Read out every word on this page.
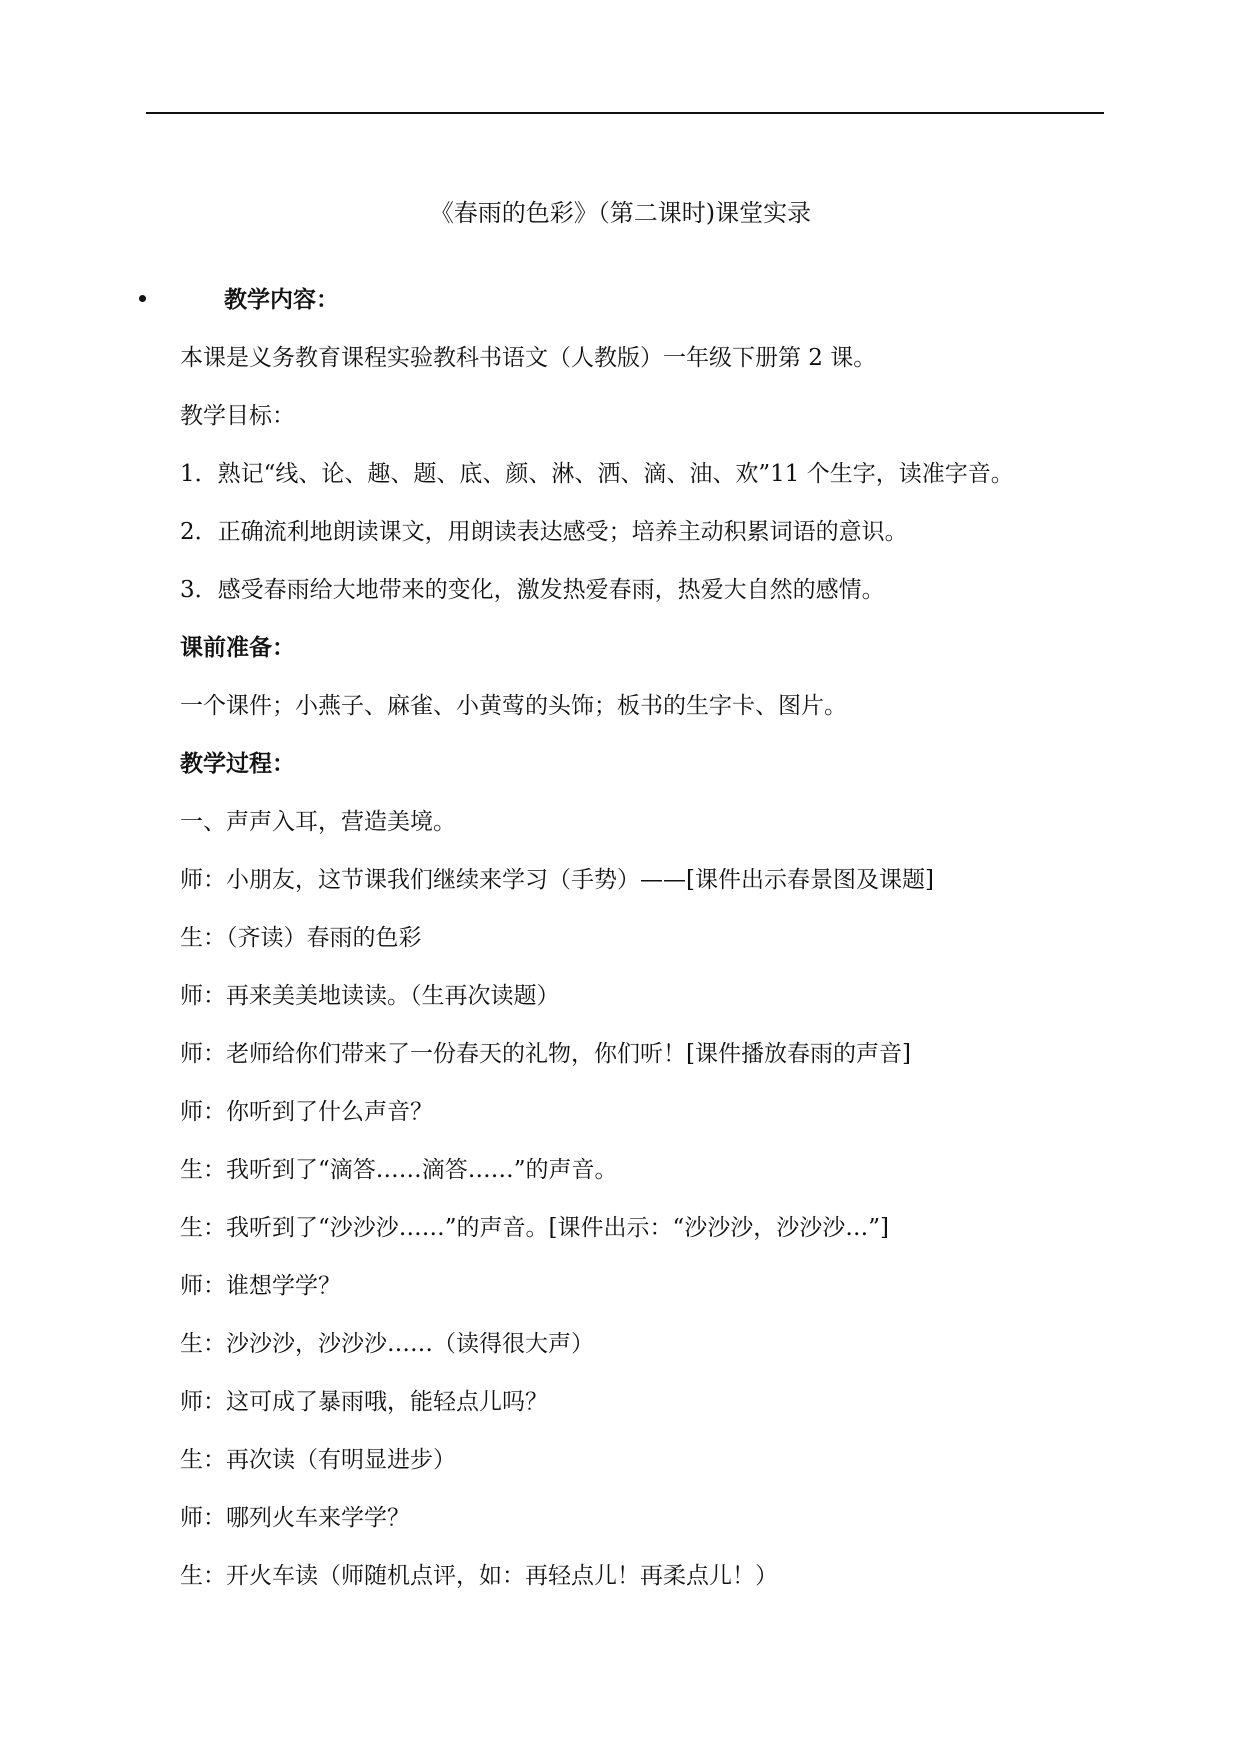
《春雨的色彩》（第二课时)课堂实录
教学内容：
本课是义务教育课程实验教科书语文（人教版）一年级下册第 2 课。
教学目标：
1．熟记“线、论、趣、题、底、颜、淋、洒、滴、油、欢”11 个生字，读准字音。
2．正确流利地朗读课文，用朗读表达感受；培养主动积累词语的意识。
3．感受春雨给大地带来的变化，激发热爱春雨，热爱大自然的感情。
课前准备：
一个课件；小燕子、麻雀、小黄莺的头饰；板书的生字卡、图片。
教学过程：
一、声声入耳，营造美境。
师：小朋友，这节课我们继续来学习（手势）——[课件出示春景图及课题]
生：（齐读）春雨的色彩
师：再来美美地读读。（生再次读题）
师：老师给你们带来了一份春天的礼物，你们听！[课件播放春雨的声音]
师：你听到了什么声音？
生：我听到了“滴答……滴答……”的声音。
生：我听到了“沙沙沙……”的声音。[课件出示：“沙沙沙，沙沙沙…”]
师：谁想学学？
生：沙沙沙，沙沙沙……（读得很大声）
师：这可成了暴雨哦，能轻点儿吗？
生：再次读（有明显进步）
师：哪列火车来学学？
生：开火车读（师随机点评，如：再轻点儿！再柔点儿！）
